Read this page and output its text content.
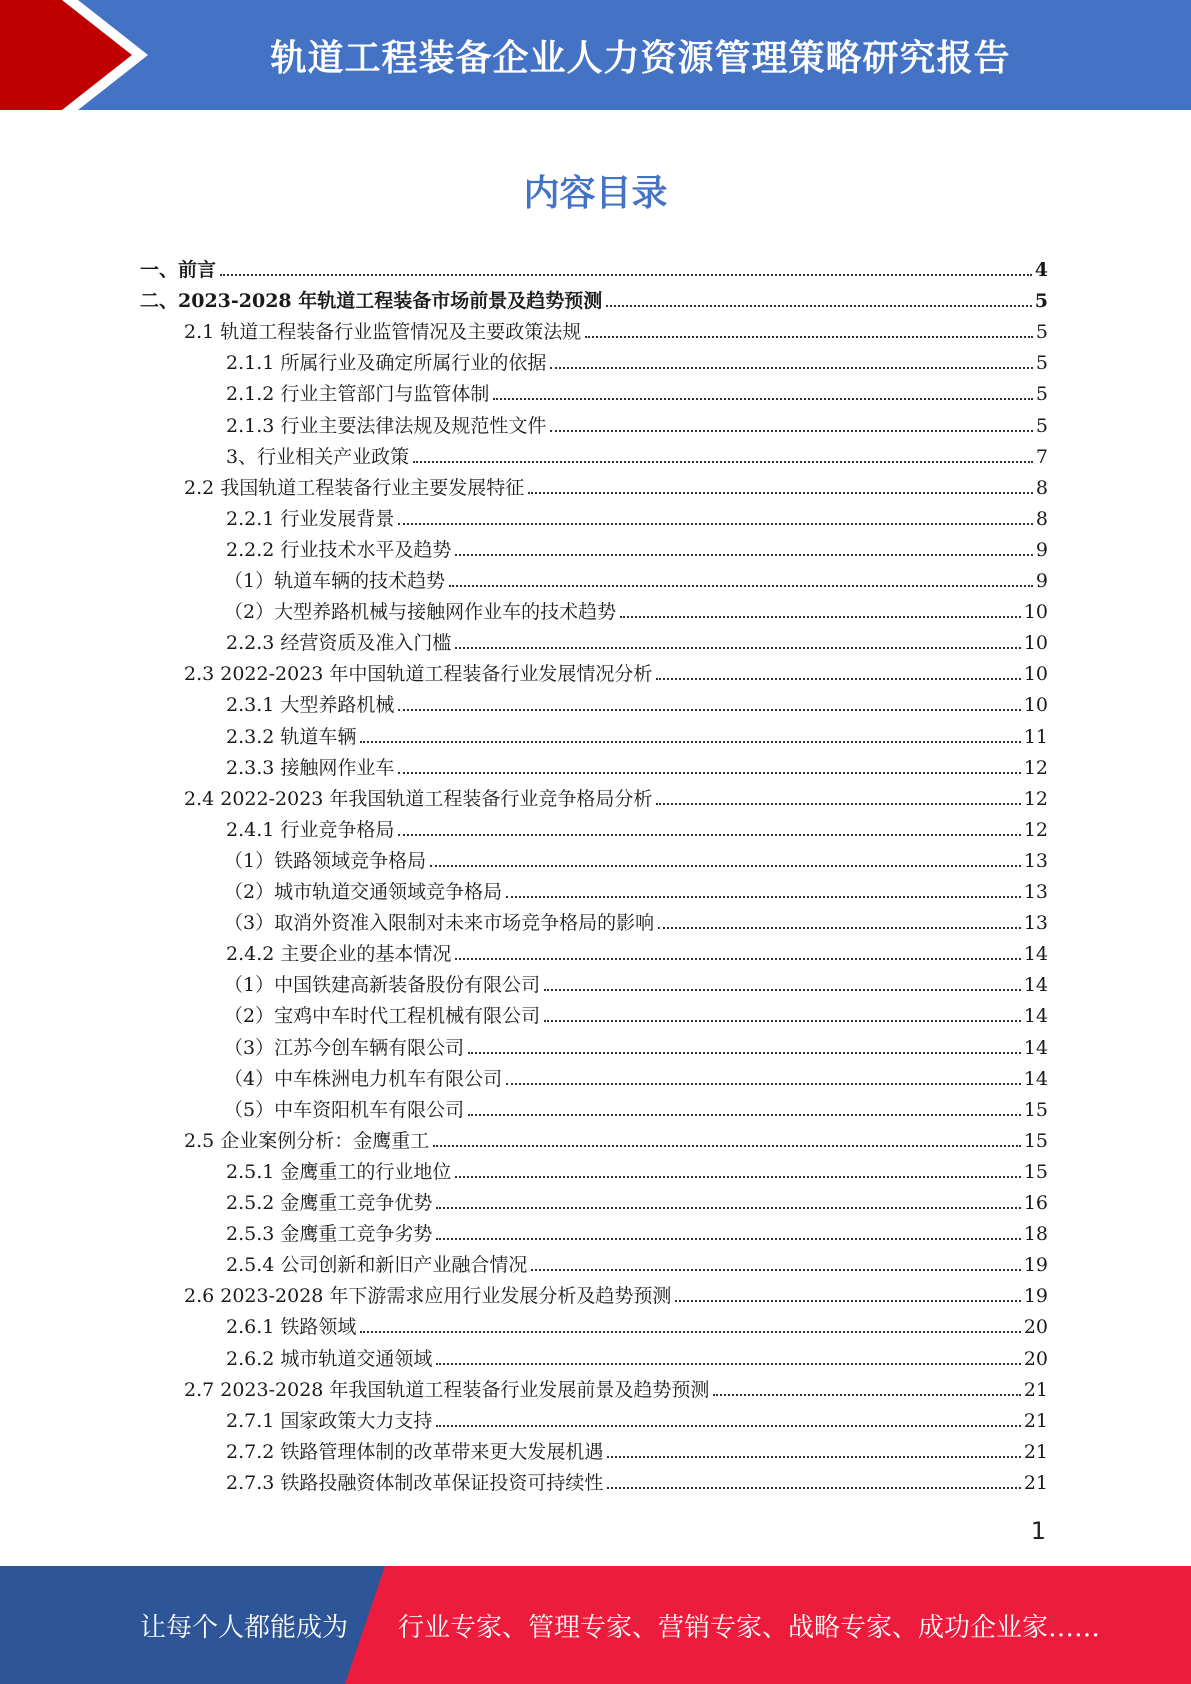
轨道工程装备企业人力资源管理策略研究报告
内容目录
一、前言	4
二、2023-2028 年轨道工程装备市场前景及趋势预测	5
2.1 轨道工程装备行业监管情况及主要政策法规	5
2.1.1 所属行业及确定所属行业的依据	5
2.1.2 行业主管部门与监管体制	5
2.1.3 行业主要法律法规及规范性文件	5
3、行业相关产业政策	7
2.2 我国轨道工程装备行业主要发展特征	8
2.2.1 行业发展背景	8
2.2.2 行业技术水平及趋势	9
（1）轨道车辆的技术趋势	9
（2）大型养路机械与接触网作业车的技术趋势	10
2.2.3 经营资质及准入门槛	10
2.3 2022-2023 年中国轨道工程装备行业发展情况分析	10
2.3.1 大型养路机械	10
2.3.2 轨道车辆	11
2.3.3 接触网作业车	12
2.4 2022-2023 年我国轨道工程装备行业竞争格局分析	12
2.4.1 行业竞争格局	12
（1）铁路领域竞争格局	13
（2）城市轨道交通领域竞争格局	13
（3）取消外资准入限制对未来市场竞争格局的影响	13
2.4.2 主要企业的基本情况	14
（1）中国铁建高新装备股份有限公司	14
（2）宝鸡中车时代工程机械有限公司	14
（3）江苏今创车辆有限公司	14
（4）中车株洲电力机车有限公司	14
（5）中车资阳机车有限公司	15
2.5 企业案例分析：金鹰重工	15
2.5.1 金鹰重工的行业地位	15
2.5.2 金鹰重工竞争优势	16
2.5.3 金鹰重工竞争劣势	18
2.5.4 公司创新和新旧产业融合情况	19
2.6 2023-2028 年下游需求应用行业发展分析及趋势预测	19
2.6.1 铁路领域	20
2.6.2 城市轨道交通领域	20
2.7 2023-2028 年我国轨道工程装备行业发展前景及趋势预测	21
2.7.1 国家政策大力支持	21
2.7.2 铁路管理体制的改革带来更大发展机遇	21
2.7.3 铁路投融资体制改革保证投资可持续性	21
1
让每个人都能成为 行业专家、管理专家、营销专家、战略专家、成功企业家……
